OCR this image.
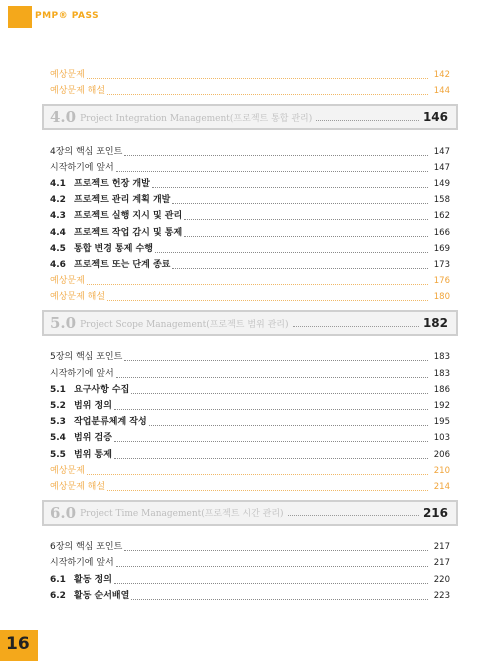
PMP® PASS
예상문제	142
예상문제 해설	144
4.0 Project Integration Management(프로젝트 통합 관리)	146
4장의 핵심 포인트	147
시작하기에 앞서	147
4.1 프로젝트 헌장 개발	149
4.2 프로젝트 관리 계획 개발	158
4.3 프로젝트 실행 지시 및 관리	162
4.4 프로젝트 작업 감시 및 통제	166
4.5 통합 변경 통제 수행	169
4.6 프로젝트 또는 단계 종료	173
예상문제	176
예상문제 해설	180
5.0 Project Scope Management(프로젝트 범위 관리)	182
5장의 핵심 포인트	183
시작하기에 앞서	183
5.1 요구사항 수집	186
5.2 범위 정의	192
5.3 작업분류체계 작성	195
5.4 범위 검증	103
5.5 범위 통제	206
예상문제	210
예상문제 해설	214
6.0 Project Time Management(프로젝트 시간 관리)	216
6장의 핵심 포인트	217
시작하기에 앞서	217
6.1 활동 정의	220
6.2 활동 순서배열	223
16
